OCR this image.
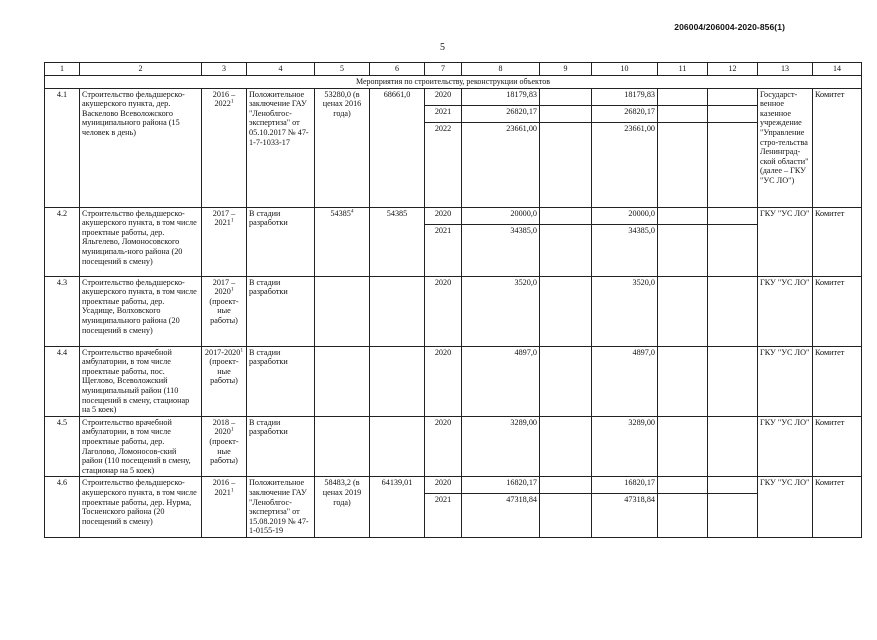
206004/206004-2020-856(1)
5
1	2	3	4	5	6	7	8	9	10	11	12	13	14
Мероприятия по строительству, реконструкции объектов													
4.1	Строительство фельдшерско-акушерского пункта, дер. Васкелово Всеволожского муниципального района (15 человек в день)	2016 –2022$^1$	Положительное заключение ГАУ "Леноблгос-экспертиза" от 05.10.2017 № 47-1-7-1033-17	53280,0 (в ценах 2016 года)	68661,0	2020	18179,83		18179,83			Государст-венное казенное учреждение "Управление стро-тельства Ленинград-ской области" (далее – ГКУ "УС ЛО")	Комитет
						2021	26820,17		26820,17				
						2022	23661,00		23661,00				
4.2	Строительство фельдшерско-акушерского пункта, в том числе проектные работы, дер. Яльгелево, Ломоносовского муниципаль-ного района (20 посещений в смену)	2017 –2021$^1$	В стадии разработки	54385$^4$	54385	2020	20000,0		20000,0			ГКУ "УС ЛО"	Комитет
						2021	34385,0		34385,0				
4.3	Строительство фельдшерско-акушерского пункта, в том числе проектные работы, дер. Усадище, Волховского муниципального района (20 посещений в смену)	2017 –2020$^1$
(проект-ные работы)	В стадии разработки			2020	3520,0		3520,0			ГКУ "УС ЛО"	Комитет
4.4	Строительство врачебной амбулатории, в том числе проектные работы, пос. Щеглово, Всеволожский муниципальный район (110 посещений в смену, стационар на 5 коек)	2017-2020$^1$
(проект-ные работы)	В стадии разработки			2020	4897,0		4897,0			ГКУ "УС ЛО"	Комитет
4.5	Строительство врачебной амбулатории, в том числе проектные работы, дер. Лаголово, Ломоносов-ский район (110 посещений в смену, стационар на 5 коек)	2018 –2020$^1$
(проект-ные работы)	В стадии разработки			2020	3289,00		3289,00			ГКУ "УС ЛО"	Комитет
4.6	Строительство фельдшерско-акушерского пункта, в том числе проектные работы, дер. Нурма, Тосненского района (20 посещений в смену)	2016 –2021$^1$	Положительное заключение ГАУ "Леноблгос-экспертиза" от 15.08.2019 № 47-1-0155-19	58483,2 (в ценах 2019 года)	64139,01	2020	16820,17		16820,17			ГКУ "УС ЛО"	Комитет
						2021	47318,84		47318,84				
